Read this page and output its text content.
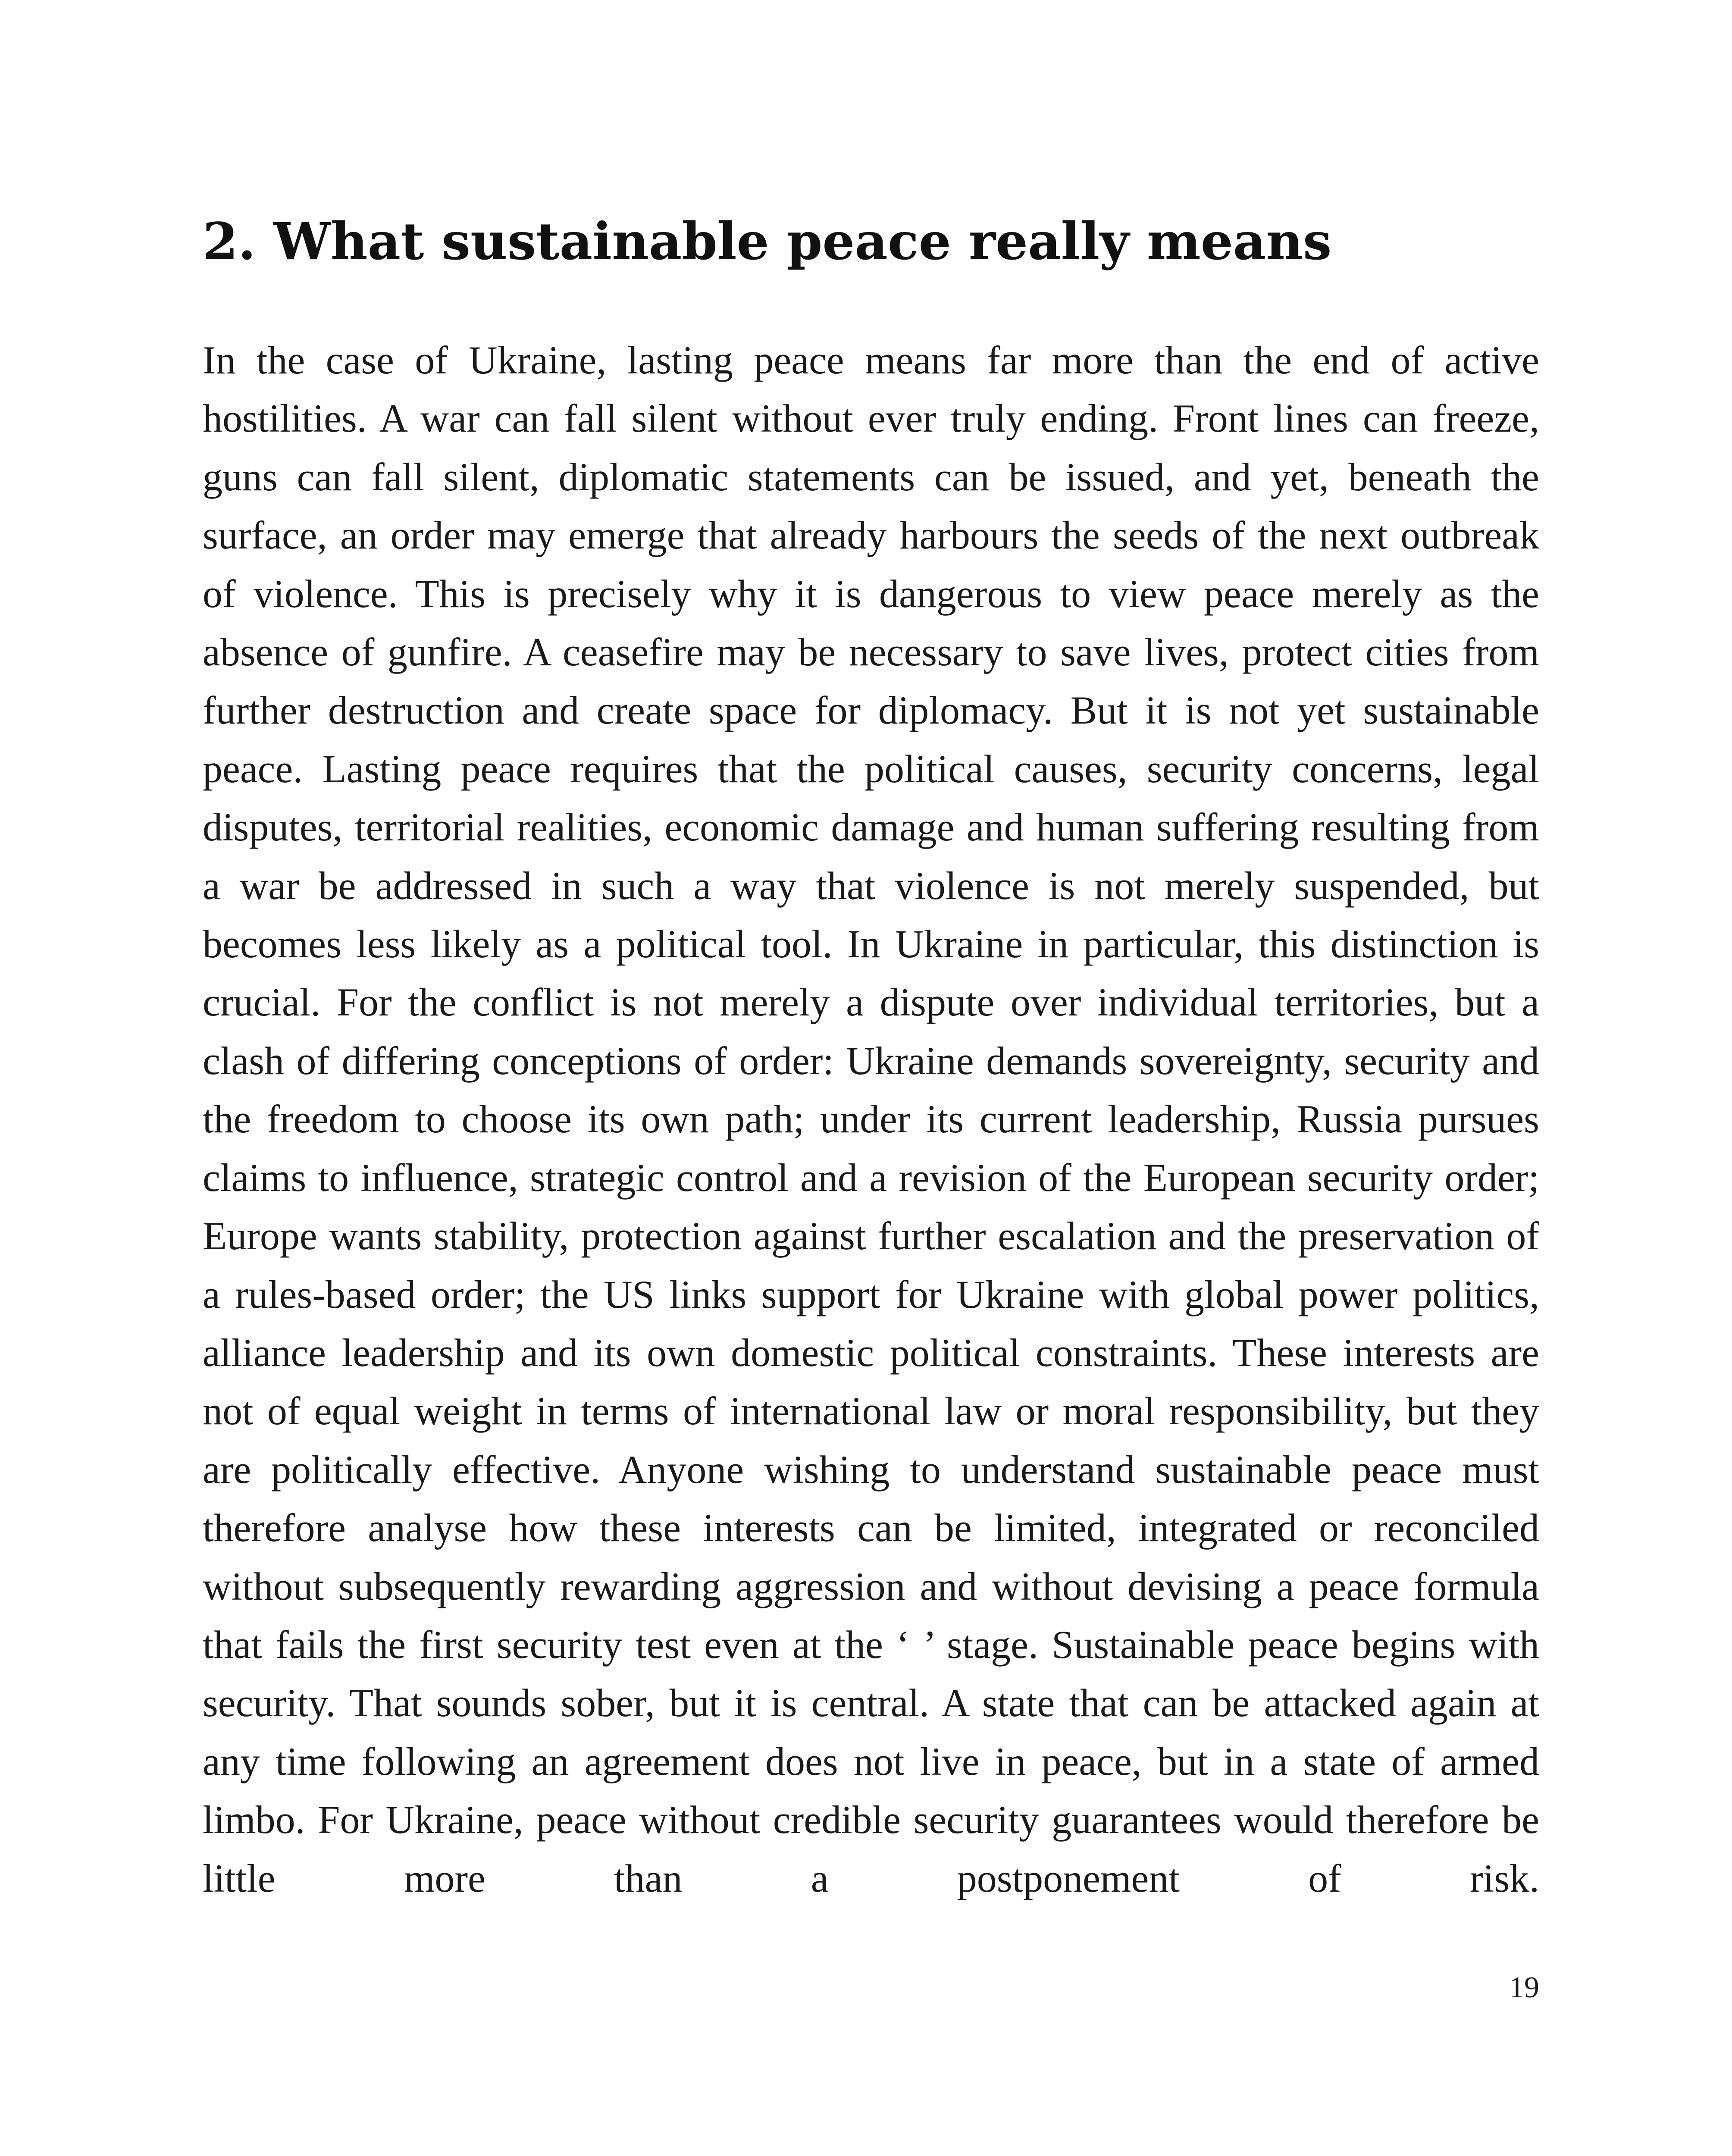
2. What sustainable peace really means

In the case of Ukraine, lasting peace means far more than the end of active hostilities. A war can fall silent without ever truly ending. Front lines can freeze, guns can fall silent, diplomatic statements can be issued, and yet, beneath the surface, an order may emerge that already harbours the seeds of the next outbreak of violence. This is precisely why it is dangerous to view peace merely as the absence of gunfire. A ceasefire may be necessary to save lives, protect cities from further destruction and create space for diplomacy. But it is not yet sustainable peace. Lasting peace requires that the political causes, security concerns, legal disputes, territorial realities, economic damage and human suffering resulting from a war be addressed in such a way that violence is not merely suspended, but becomes less likely as a political tool. In Ukraine in particular, this distinction is crucial. For the conflict is not merely a dispute over individual territories, but a clash of differing conceptions of order: Ukraine demands sovereignty, security and the freedom to choose its own path; under its current leadership, Russia pursues claims to influence, strategic control and a revision of the European security order; Europe wants stability, protection against further escalation and the preservation of a rules-based order; the US links support for Ukraine with global power politics, alliance leadership and its own domestic political constraints. These interests are not of equal weight in terms of international law or moral responsibility, but they are politically effective. Anyone wishing to understand sustainable peace must therefore analyse how these interests can be limited, integrated or reconciled without subsequently rewarding aggression and without devising a peace formula that fails the first security test even at the ‘ ’ stage. Sustainable peace begins with security. That sounds sober, but it is central. A state that can be attacked again at any time following an agreement does not live in peace, but in a state of armed limbo. For Ukraine, peace without credible security guarantees would therefore be little more than a postponement of risk.

19
